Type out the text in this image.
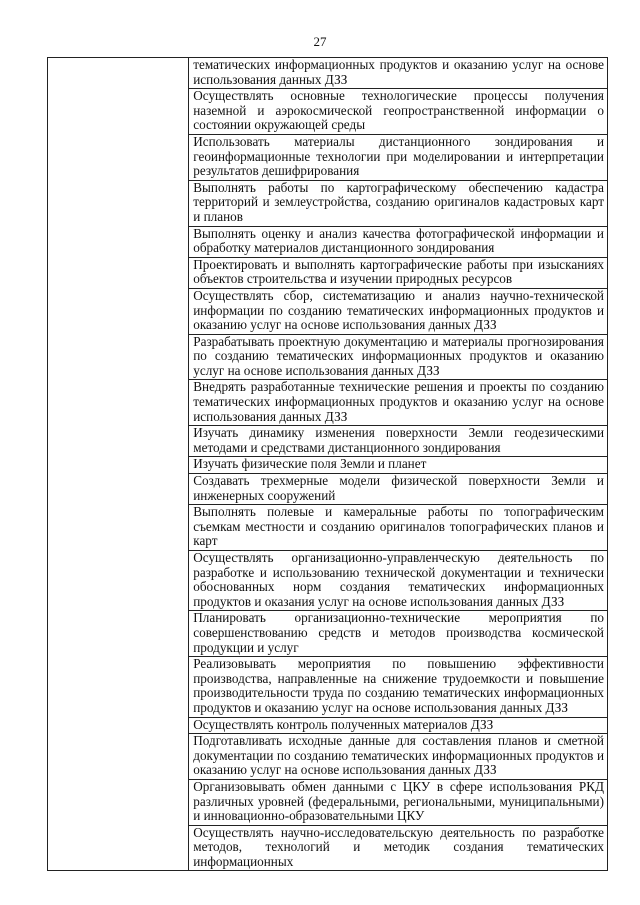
27
	тематических информационных продуктов и оказанию услуг на основе использования данных ДЗЗ
Осуществлять основные технологические процессы получения наземной и аэрокосмической геопространственной информации о состоянии окружающей среды
Использовать материалы дистанционного зондирования и геоинформационные технологии при моделировании и интерпретации результатов дешифрирования
Выполнять работы по картографическому обеспечению кадастра территорий и землеустройства, созданию оригиналов кадастровых карт и планов
Выполнять оценку и анализ качества фотографической информации и обработку материалов дистанционного зондирования
Проектировать и выполнять картографические работы при изысканиях объектов строительства и изучении природных ресурсов
Осуществлять сбор, систематизацию и анализ научно-технической информации по созданию тематических информационных продуктов и оказанию услуг на основе использования данных ДЗЗ
Разрабатывать проектную документацию и материалы прогнозирования по созданию тематических информационных продуктов и оказанию услуг на основе использования данных ДЗЗ
Внедрять разработанные технические решения и проекты по созданию тематических информационных продуктов и оказанию услуг на основе использования данных ДЗЗ
Изучать динамику изменения поверхности Земли геодезическими методами и средствами дистанционного зондирования
Изучать физические поля Земли и планет
Создавать трехмерные модели физической поверхности Земли и инженерных сооружений
Выполнять полевые и камеральные работы по топографическим съемкам местности и созданию оригиналов топографических планов и карт
Осуществлять организационно-управленческую деятельность по разработке и использованию технической документации и технически обоснованных норм создания тематических информационных продуктов и оказания услуг на основе использования данных ДЗЗ
Планировать организационно-технические мероприятия по совершенствованию средств и методов производства космической продукции и услуг
Реализовывать мероприятия по повышению эффективности производства, направленные на снижение трудоемкости и повышение производительности труда по созданию тематических информационных продуктов и оказанию услуг на основе использования данных ДЗЗ
Осуществлять контроль полученных материалов ДЗЗ
Подготавливать исходные данные для составления планов и сметной документации по созданию тематических информационных продуктов и оказанию услуг на основе использования данных ДЗЗ
Организовывать обмен данными с ЦКУ в сфере использования РКД различных уровней (федеральными, региональными, муниципальными) и инновационно-образовательными ЦКУ
Осуществлять научно-исследовательскую деятельность по разработке методов, технологий и методик создания тематических информационных
